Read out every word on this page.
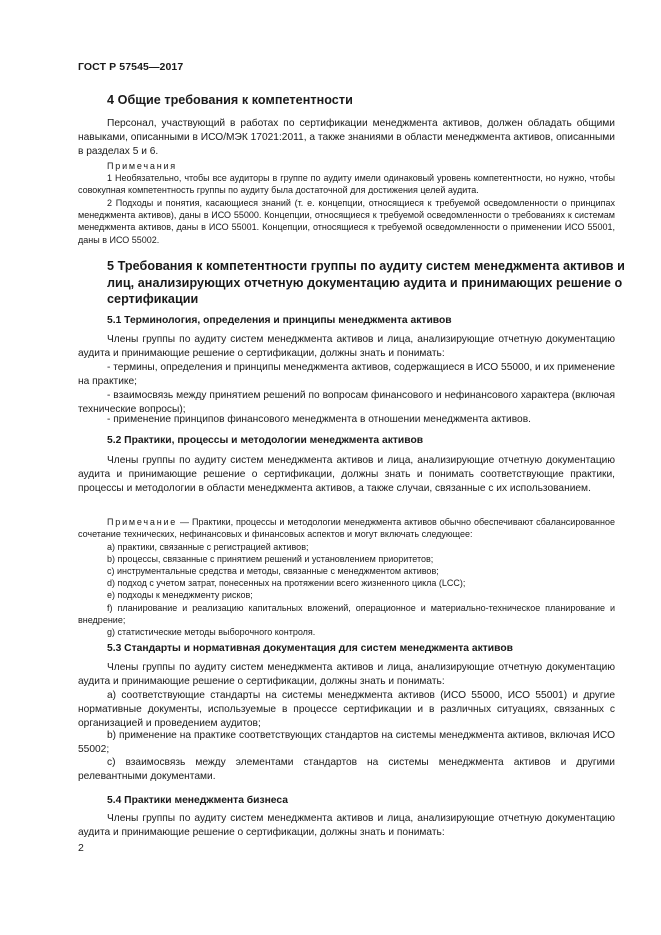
ГОСТ Р 57545—2017
4 Общие требования к компетентности
Персонал, участвующий в работах по сертификации менеджмента активов, должен обладать общими навыками, описанными в ИСО/МЭК 17021:2011, а также знаниями в области менеджмента активов, описанными в разделах 5 и 6.
Примечания
1 Необязательно, чтобы все аудиторы в группе по аудиту имели одинаковый уровень компетентности, но нужно, чтобы совокупная компетентность группы по аудиту была достаточной для достижения целей аудита.
2 Подходы и понятия, касающиеся знаний (т. е. концепции, относящиеся к требуемой осведомленности о принципах менеджмента активов), даны в ИСО 55000. Концепции, относящиеся к требуемой осведомленности о требованиях к системам менеджмента активов, даны в ИСО 55001. Концепции, относящиеся к требуемой осведомленности о применении ИСО 55001, даны в ИСО 55002.
5 Требования к компетентности группы по аудиту систем менеджмента активов и лиц, анализирующих отчетную документацию аудита и принимающих решение о сертификации
5.1 Терминология, определения и принципы менеджмента активов
Члены группы по аудиту систем менеджмента активов и лица, анализирующие отчетную документацию аудита и принимающие решение о сертификации, должны знать и понимать:
- термины, определения и принципы менеджмента активов, содержащиеся в ИСО 55000, и их применение на практике;
- взаимосвязь между принятием решений по вопросам финансового и нефинансового характера (включая технические вопросы);
- применение принципов финансового менеджмента в отношении менеджмента активов.
5.2 Практики, процессы и методологии менеджмента активов
Члены группы по аудиту систем менеджмента активов и лица, анализирующие отчетную документацию аудита и принимающие решение о сертификации, должны знать и понимать соответствующие практики, процессы и методологии в области менеджмента активов, а также случаи, связанные с их использованием.
Примечание — Практики, процессы и методологии менеджмента активов обычно обеспечивают сбалансированное сочетание технических, нефинансовых и финансовых аспектов и могут включать следующее:
a) практики, связанные с регистрацией активов;
b) процессы, связанные с принятием решений и установлением приоритетов;
c) инструментальные средства и методы, связанные с менеджментом активов;
d) подход с учетом затрат, понесенных на протяжении всего жизненного цикла (LCC);
e) подходы к менеджменту рисков;
f) планирование и реализацию капитальных вложений, операционное и материально-техническое планирование и внедрение;
g) статистические методы выборочного контроля.
5.3 Стандарты и нормативная документация для систем менеджмента активов
Члены группы по аудиту систем менеджмента активов и лица, анализирующие отчетную документацию аудита и принимающие решение о сертификации, должны знать и понимать:
a) соответствующие стандарты на системы менеджмента активов (ИСО 55000, ИСО 55001) и другие нормативные документы, используемые в процессе сертификации и в различных ситуациях, связанных с организацией и проведением аудитов;
b) применение на практике соответствующих стандартов на системы менеджмента активов, включая ИСО 55002;
c) взаимосвязь между элементами стандартов на системы менеджмента активов и другими релевантными документами.
5.4 Практики менеджмента бизнеса
Члены группы по аудиту систем менеджмента активов и лица, анализирующие отчетную документацию аудита и принимающие решение о сертификации, должны знать и понимать:
2
